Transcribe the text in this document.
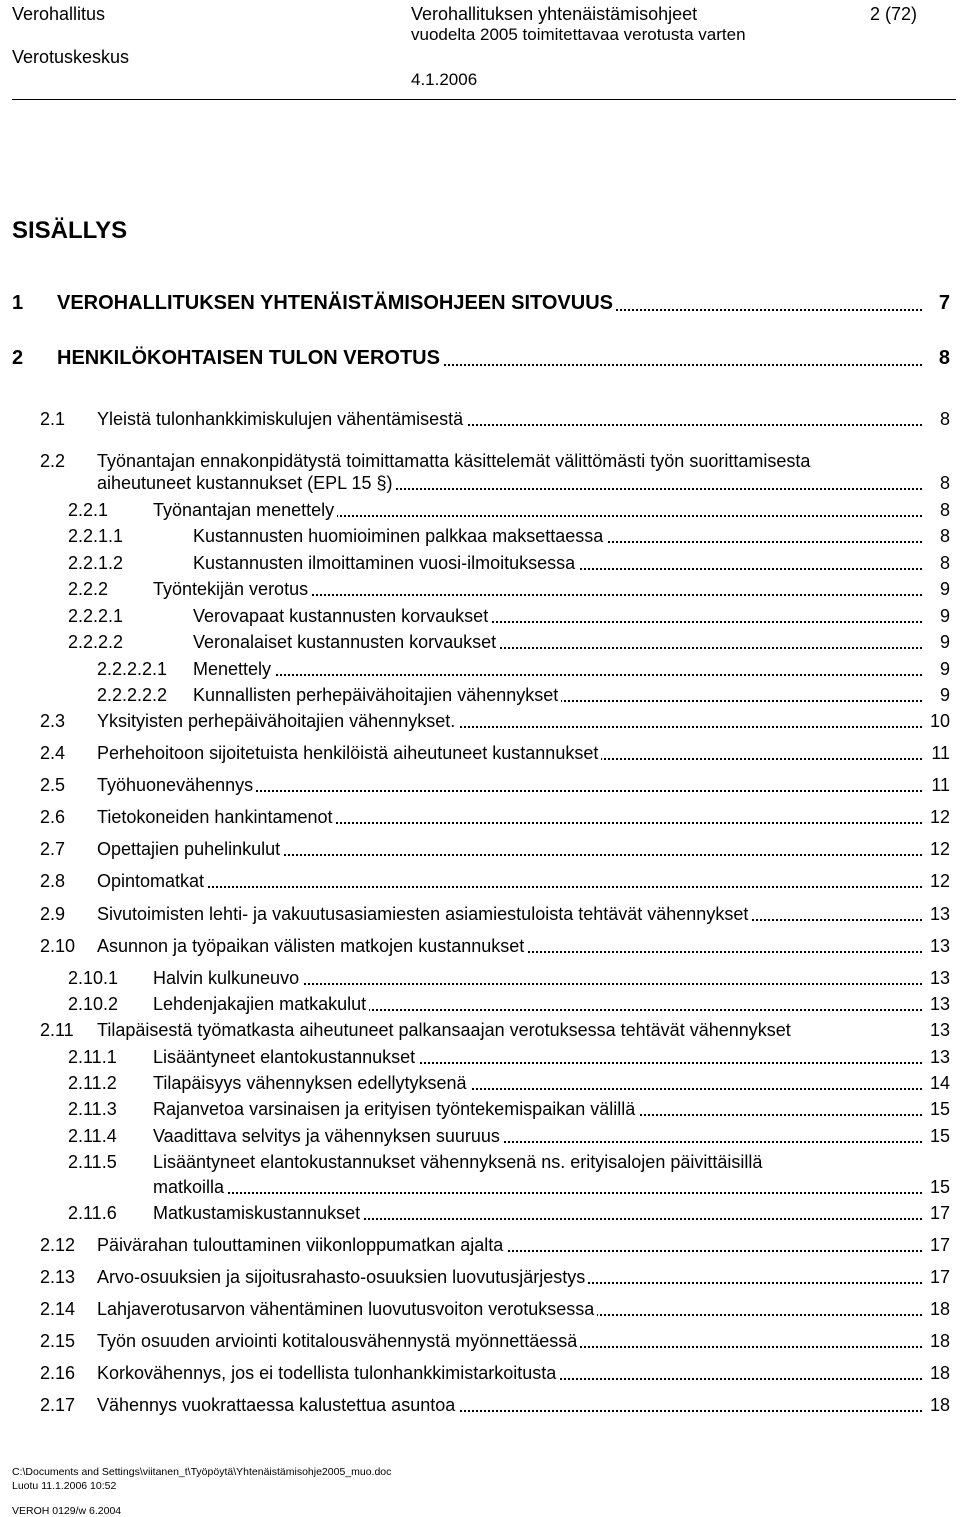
Verohallitus
Verotuskeskus
Verohallituksen yhtenäistämisohjeet
vuodelta 2005 toimitettavaa verotusta varten
4.1.2006
2 (72)
SISÄLLYS
1 VEROHALLITUKSEN YHTENÄISTÄMISOHJEEN SITOVUUS	7
2 HENKILÖKOHTAISEN TULON VEROTUS	8
2.1 Yleistä tulonhankkimiskulujen vähentämisestä	8
2.2 Työnantajan ennakonpidätystä toimittamatta käsittelemät välittömästi työn suorittamisesta
aiheutuneet kustannukset (EPL 15 §)	8
2.2.1 Työnantajan menettely	8
2.2.1.1	Kustannusten huomioiminen palkkaa maksettaessa	8
2.2.1.2	Kustannusten ilmoittaminen vuosi-ilmoituksessa	8
2.2.2 Työntekijän verotus	9
2.2.2.1	Verovapaat kustannusten korvaukset	9
2.2.2.2	Veronalaiset kustannusten korvaukset	9
2.2.2.2.1 Menettely	9
2.2.2.2.2 Kunnallisten perhepäivähoitajien vähennykset	9
2.3 Yksityisten perhepäivähoitajien vähennykset.	10
2.4 Perhehoitoon sijoitetuista henkilöistä aiheutuneet kustannukset	11
2.5 Työhuonevähennys	11
2.6 Tietokoneiden hankintamenot	12
2.7 Opettajien puhelinkulut	12
2.8 Opintomatkat	12
2.9 Sivutoimisten lehti- ja vakuutusasiamiesten asiamiestuloista tehtävät vähennykset	13
2.10 Asunnon ja työpaikan välisten matkojen kustannukset	13
2.10.1 Halvin kulkuneuvo	13
2.10.2 Lehdenjakajien matkakulut	13
2.11 Tilapäisestä työmatkasta aiheutuneet palkansaajan verotuksessa tehtävät vähennykset	13
2.11.1 Lisääntyneet elantokustannukset	13
2.11.2 Tilapäisyys vähennyksen edellytyksenä	14
2.11.3 Rajanvetoa varsinaisen ja erityisen työntekemispaikan välillä	15
2.11.4 Vaadittava selvitys ja vähennyksen suuruus	15
2.11.5 Lisääntyneet elantokustannukset vähennyksenä ns. erityisalojen päivittäisillä
matkoilla	15
2.11.6 Matkustamiskustannukset	17
2.12 Päivärahan tulouttaminen viikonloppumatkan ajalta	17
2.13 Arvo-osuuksien ja sijoitusrahasto-osuuksien luovutusjärjestys	17
2.14 Lahjaverotusarvon vähentäminen luovutusvoiton verotuksessa	18
2.15 Työn osuuden arviointi kotitalousvähennystä myönnettäessä	18
2.16 Korkovähennys, jos ei todellista tulonhankkimistarkoitusta	18
2.17 Vähennys vuokrattaessa kalustettua asuntoa	18
C:\Documents and Settings\viitanen_t\Työpöytä\Yhtenäistämisohje2005_muo.doc
Luotu 11.1.2006 10:52
VEROH 0129/w 6.2004
